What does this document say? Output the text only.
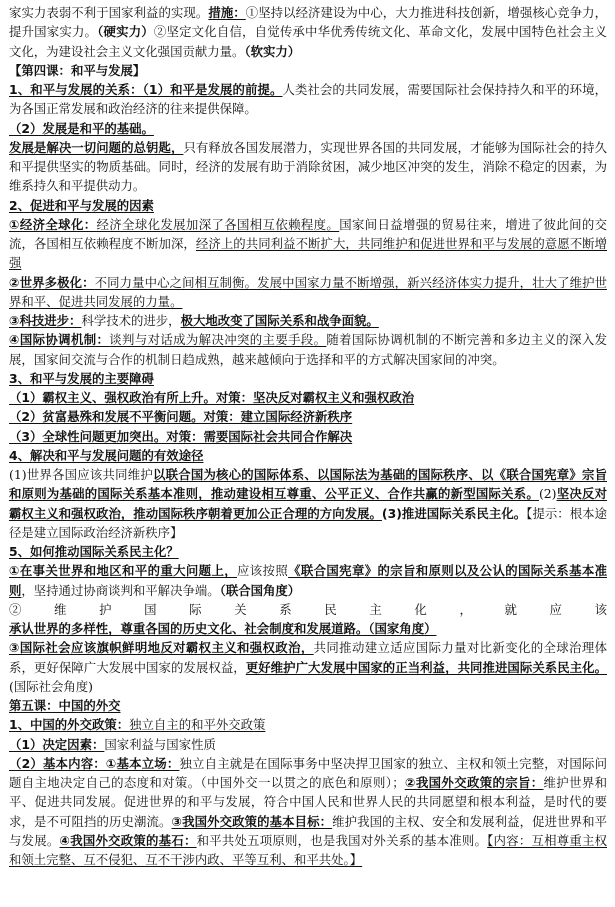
家实力表弱不利于国家利益的实现。措施：①坚持以经济建设为中心，大力推进科技创新，增强核心竞争力，提升国家实力。（硬实力）②坚定文化自信，自觉传承中华优秀传统文化、革命文化，发展中国特色社会主义文化，为建设社会主义文化强国贡献力量。（软实力）

【第四课：和平与发展】

1、和平与发展的关系：（1）和平是发展的前提。人类社会的共同发展，需要国际社会保持持久和平的环境，为各国正常发展和政治经济的往来提供保障。

（2）发展是和平的基础。

发展是解决一切问题的总钥匙，只有释放各国发展潜力，实现世界各国的共同发展，才能够为国际社会的持久和平提供坚实的物质基础。同时，经济的发展有助于消除贫困，减少地区冲突的发生，消除不稳定的因素，为维系持久和平提供动力。

2、促进和平与发展的因素

①经济全球化：经济全球化发展加深了各国相互依赖程度。国家间日益增强的贸易往来，增进了彼此间的交流，各国相互依赖程度不断加深，经济上的共同利益不断扩大，共同维护和促进世界和平与发展的意愿不断增强

②世界多极化：不同力量中心之间相互制衡。发展中国家力量不断增强，新兴经济体实力提升，壮大了维护世界和平、促进共同发展的力量。

③科技进步：科学技术的进步，极大地改变了国际关系和战争面貌。

④国际协调机制：谈判与对话成为解决冲突的主要手段。随着国际协调机制的不断完善和多边主义的深入发展，国家间交流与合作的机制日趋成熟，越来越倾向于选择和平的方式解决国家间的冲突。

3、和平与发展的主要障碍

（1）霸权主义、强权政治有所上升。对策：坚决反对霸权主义和强权政治

（2）贫富悬殊和发展不平衡问题。对策：建立国际经济新秩序

（3）全球性问题更加突出。对策：需要国际社会共同合作解决

4、解决和平与发展问题的有效途径

(1)世界各国应该共同维护以联合国为核心的国际体系、以国际法为基础的国际秩序、以《联合国宪章》宗旨和原则为基础的国际关系基本准则，推动建设相互尊重、公平正义、合作共赢的新型国际关系。(2)坚决反对霸权主义和强权政治，推动国际秩序朝着更加公正合理的方向发展。(3)推进国际关系民主化。【提示：根本途径是建立国际政治经济新秩序】

5、如何推动国际关系民主化？

①在事关世界和地区和平的重大问题上，应该按照《联合国宪章》的宗旨和原则以及公认的国际关系基本准则，坚持通过协商谈判和平解决争端。（联合国角度）

②维护国际关系民主化，就应该承认世界的多样性，尊重各国的历史文化、社会制度和发展道路。（国家角度）

③国际社会应该旗帜鲜明地反对霸权主义和强权政治，共同推动建立适应国际力量对比新变化的全球治理体系，更好保障广大发展中国家的发展权益，更好维护广大发展中国家的正当利益，共同推进国际关系民主化。(国际社会角度)

第五课：中国的外交

1、中国的外交政策：独立自主的和平外交政策

（1）决定因素：国家利益与国家性质

（2）基本内容：①基本立场：独立自主就是在国际事务中坚决捍卫国家的独立、主权和领土完整，对国际问题自主地决定自己的态度和对策。（中国外交一以贯之的底色和原则）；②我国外交政策的宗旨：维护世界和平、促进共同发展。促进世界的和平与发展，符合中国人民和世界人民的共同愿望和根本利益，是时代的要求，是不可阻挡的历史潮流。③我国外交政策的基本目标：维护我国的主权、安全和发展利益，促进世界和平与发展。④我国外交政策的基石：和平共处五项原则，也是我国对外关系的基本准则。【内容：互相尊重主权和领土完整、互不侵犯、互不干涉内政、平等互利、和平共处。】
